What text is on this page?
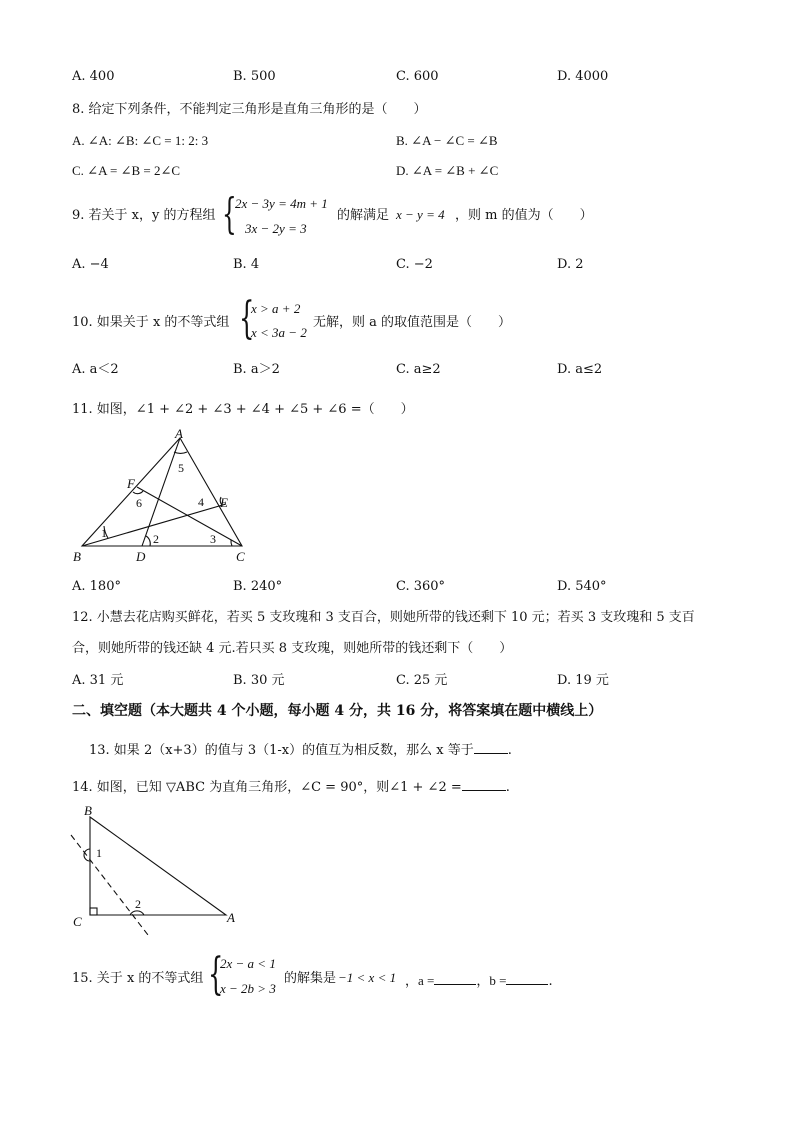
A. 400	B. 500	C. 600	D. 4000
8. 给定下列条件，不能判定三角形是直角三角形的是（　　）
A. ∠A: ∠B: ∠C = 1: 2: 3	B. ∠A − ∠C = ∠B
C. ∠A = ∠B = 2∠C	D. ∠A = ∠B + ∠C
9. 若关于 x，y 的方程组 {
2x − 3y = 4m + 1
3x − 2y = 3
的解满足 x − y = 4 ，则 m 的值为（　　）
A. −4	B. 4	C. −2	D. 2
10. 如果关于 x 的不等式组 {
x > a + 2
x < 3a − 2
无解，则 a 的取值范围是（　　）
A. a＜2	B. a＞2	C. a≥2	D. a≤2
11. 如图，∠1 + ∠2 + ∠3 + ∠4 + ∠5 + ∠6 =（　　）
A
B	C
D
E
F
1	2	3
4
5
6
A. 180°	B. 240°	C. 360°	D. 540°
12. 小慧去花店购买鲜花，若买 5 支玫瑰和 3 支百合，则她所带的钱还剩下 10 元；若买 3 支玫瑰和 5 支百
合，则她所带的钱还缺 4 元.若只买 8 支玫瑰，则她所带的钱还剩下（　　）
A. 31 元	B. 30 元	C. 25 元	D. 19 元
二、填空题（本大题共 4 个小题，每小题 4 分，共 16 分，将答案填在题中横线上）
13. 如果 2（x+3）的值与 3（1-x）的值互为相反数，那么 x 等于	.
14. 如图，已知 ▽ABC 为直角三角形，∠C = 90°，则∠1 + ∠2 =	.
B
C	A
1
2
15. 关于 x 的不等式组 {
2x − a < 1
x − 2b > 3
的解集是 −1 < x < 1 ，a =	，b =	.
